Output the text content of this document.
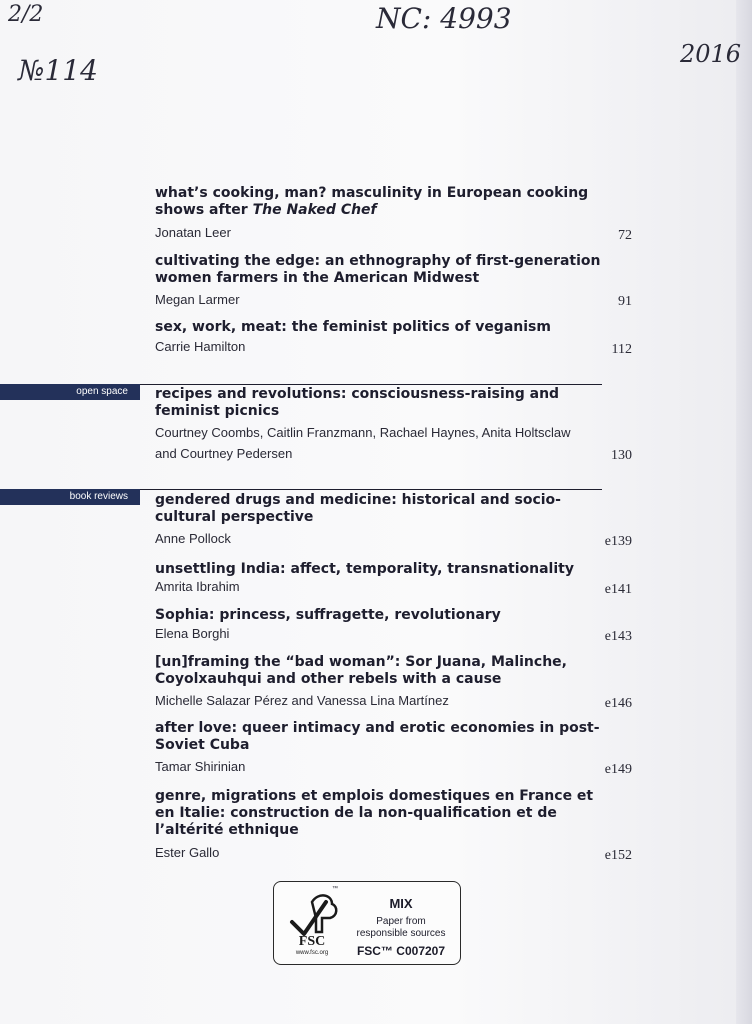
2/2
№114
NC: 4993
2016
what’s cooking, man? masculinity in European cooking shows after The Naked Chef
Jonatan Leer	72
cultivating the edge: an ethnography of first-generation women farmers in the American Midwest
Megan Larmer	91
sex, work, meat: the feminist politics of veganism
Carrie Hamilton	112
open space	recipes and revolutions: consciousness-raising and feminist picnics
Courtney Coombs, Caitlin Franzmann, Rachael Haynes, Anita Holtsclaw and Courtney Pedersen	130
book reviews	gendered drugs and medicine: historical and socio-cultural perspective
Anne Pollock	e139
unsettling India: affect, temporality, transnationality
Amrita Ibrahim	e141
Sophia: princess, suffragette, revolutionary
Elena Borghi	e143
[un]framing the “bad woman”: Sor Juana, Malinche, Coyolxauhqui and other rebels with a cause
Michelle Salazar Pérez and Vanessa Lina Martínez	e146
after love: queer intimacy and erotic economies in post-Soviet Cuba
Tamar Shirinian	e149
genre, migrations et emplois domestiques en France et en Italie: construction de la non-qualification et de l’altérité ethnique
Ester Gallo	e152
™
FSC
www.fsc.org
MIX
Paper from
responsible sources
FSC™ C007207
